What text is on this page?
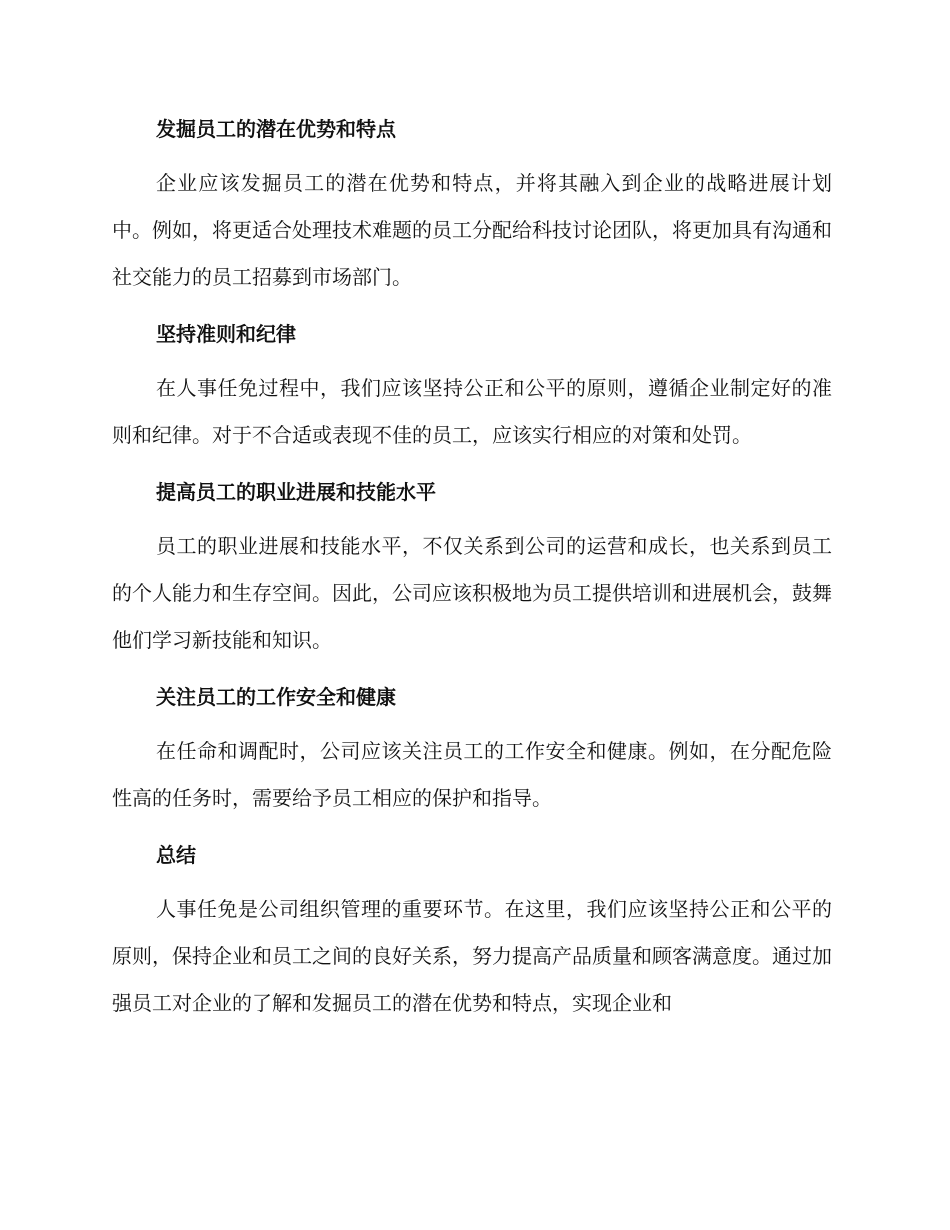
发掘员工的潜在优势和特点

企业应该发掘员工的潜在优势和特点，并将其融入到企业的战略进展计划中。例如，将更适合处理技术难题的员工分配给科技讨论团队，将更加具有沟通和社交能力的员工招募到市场部门。

坚持准则和纪律

在人事任免过程中，我们应该坚持公正和公平的原则，遵循企业制定好的准则和纪律。对于不合适或表现不佳的员工，应该实行相应的对策和处罚。

提高员工的职业进展和技能水平

员工的职业进展和技能水平，不仅关系到公司的运营和成长，也关系到员工的个人能力和生存空间。因此，公司应该积极地为员工提供培训和进展机会，鼓舞他们学习新技能和知识。

关注员工的工作安全和健康

在任命和调配时，公司应该关注员工的工作安全和健康。例如，在分配危险性高的任务时，需要给予员工相应的保护和指导。

总结

人事任免是公司组织管理的重要环节。在这里，我们应该坚持公正和公平的原则，保持企业和员工之间的良好关系，努力提高产品质量和顾客满意度。通过加强员工对企业的了解和发掘员工的潜在优势和特点，实现企业和
